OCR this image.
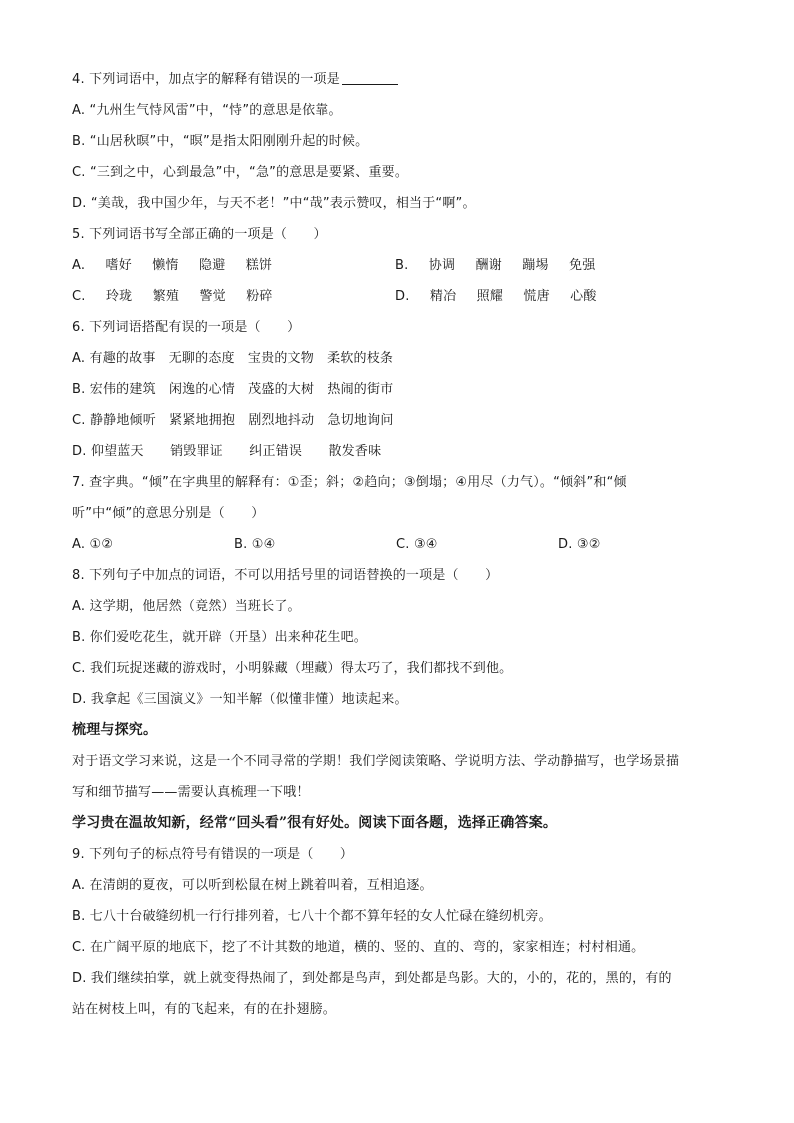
4. 下列词语中，加点字的解释有错误的一项是
A. “九州生气恃风雷”中，“恃”的意思是依靠。
B. “山居秋暝”中，“暝”是指太阳刚刚升起的时候。
C. “三到之中，心到最急”中，“急”的意思是要紧、重要。
D. “美哉，我中国少年，与天不老！”中“哉”表示赞叹，相当于“啊”。
5. 下列词语书写全部正确的一项是（　　）
A. 嗜好 懒惰 隐避 糕饼	B. 协调 酬谢 蹦埸 免强
C. 玲珑 繁殖 警觉 粉碎	D. 精冶 照耀 慌唐 心酸
6. 下列词语搭配有误的一项是（　　）
A. 有趣的故事　无聊的态度　宝贵的文物　柔软的枝条
B. 宏伟的建筑　闲逸的心情　茂盛的大树　热闹的街市
C. 静静地倾听　紧紧地拥抱　剧烈地抖动　急切地询问
D. 仰望蓝天　　销毁罪证　　纠正错误　　散发香味
7. 查字典。“倾”在字典里的解释有：①歪；斜；②趋向；③倒塌；④用尽（力气）。“倾斜”和“倾
听”中“倾”的意思分别是（　　）
A. ①②	B. ①④	C. ③④	D. ③②
8. 下列句子中加点的词语，不可以用括号里的词语替换的一项是（　　）
A. 这学期，他居然（竟然）当班长了。
B. 你们爱吃花生，就开辟（开垦）出来种花生吧。
C. 我们玩捉迷藏的游戏时，小明躲藏（埋藏）得太巧了，我们都找不到他。
D. 我拿起《三国演义》一知半解（似懂非懂）地读起来。
梳理与探究。
对于语文学习来说，这是一个不同寻常的学期！我们学阅读策略、学说明方法、学动静描写，也学场景描
写和细节描写——需要认真梳理一下哦！
学习贵在温故知新，经常“回头看”很有好处。阅读下面各题，选择正确答案。
9. 下列句子的标点符号有错误的一项是（　　）
A. 在清朗的夏夜，可以听到松鼠在树上跳着叫着，互相追逐。
B. 七八十台破缝纫机一行行排列着，七八十个都不算年轻的女人忙碌在缝纫机旁。
C. 在广阔平原的地底下，挖了不计其数的地道，横的、竖的、直的、弯的，家家相连；村村相通。
D. 我们继续拍掌，就上就变得热闹了，到处都是鸟声，到处都是鸟影。大的，小的，花的，黑的，有的
站在树枝上叫，有的飞起来，有的在扑翅膀。
